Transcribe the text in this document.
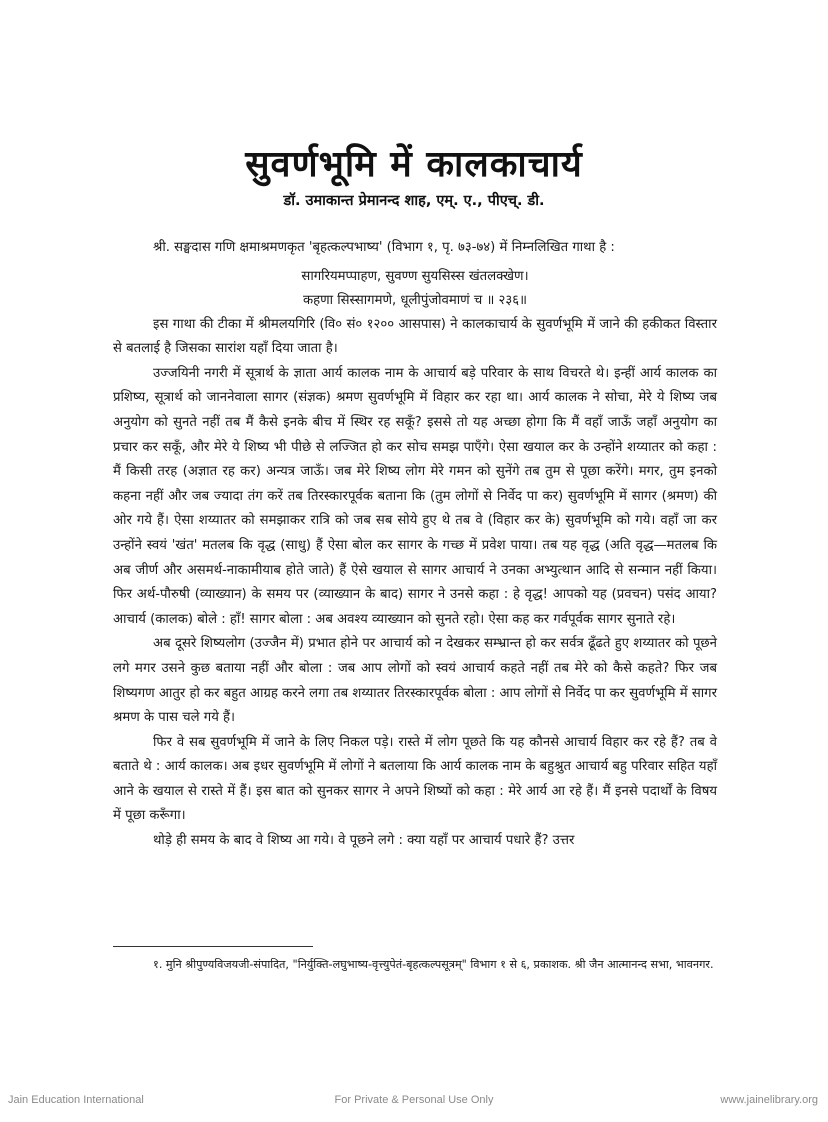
सुवर्णभूमि में कालकाचार्य
डॉ. उमाकान्त प्रेमानन्द शाह, एम्. ए., पीएच्. डी.

श्री. सङ्घदास गणि क्षमाश्रमणकृत 'बृहत्कल्पभाष्य' (विभाग १, पृ. ७३-७४) में निम्नलिखित गाथा है :

सागरियमप्पाहण, सुवण्ण सुयसिस्स खंतलक्खेण।
कहणा सिस्सागमणे, धूलीपुंजोवमाणं च ॥ २३६॥

इस गाथा की टीका में श्रीमलयगिरि (वि० सं० १२०० आसपास) ने कालकाचार्य के सुवर्णभूमि में जाने की हकीकत विस्तार से बतलाई है जिसका सारांश यहाँ दिया जाता है।

उज्जयिनी नगरी में सूत्रार्थ के ज्ञाता आर्य कालक नाम के आचार्य बड़े परिवार के साथ विचरते थे। इन्हीं आर्य कालक का प्रशिष्य, सूत्रार्थ को जाननेवाला सागर (संज्ञक) श्रमण सुवर्णभूमि में विहार कर रहा था। आर्य कालक ने सोचा, मेरे ये शिष्य जब अनुयोग को सुनते नहीं तब मैं कैसे इनके बीच में स्थिर रह सकूँ? इससे तो यह अच्छा होगा कि मैं वहाँ जाऊँ जहाँ अनुयोग का प्रचार कर सकूँ, और मेरे ये शिष्य भी पीछे से लज्जित हो कर सोच समझ पाएँगे। ऐसा खयाल कर के उन्होंने शय्यातर को कहा : मैं किसी तरह (अज्ञात रह कर) अन्यत्र जाऊँ। जब मेरे शिष्य लोग मेरे गमन को सुनेंगे तब तुम से पूछा करेंगे। मगर, तुम इनको कहना नहीं और जब ज्यादा तंग करें तब तिरस्कारपूर्वक बताना कि (तुम लोगों से निर्वेद पा कर) सुवर्णभूमि में सागर (श्रमण) की ओर गये हैं। ऐसा शय्यातर को समझाकर रात्रि को जब सब सोये हुए थे तब वे (विहार कर के) सुवर्णभूमि को गये। वहाँ जा कर उन्होंने स्वयं 'खंत' मतलब कि वृद्ध (साधु) हैं ऐसा बोल कर सागर के गच्छ में प्रवेश पाया। तब यह वृद्ध (अति वृद्ध—मतलब कि अब जीर्ण और असमर्थ-नाकामीयाब होते जाते) हैं ऐसे खयाल से सागर आचार्य ने उनका अभ्युत्थान आदि से सन्मान नहीं किया। फिर अर्थ-पौरुषी (व्याख्यान) के समय पर (व्याख्यान के बाद) सागर ने उनसे कहा : हे वृद्ध! आपको यह (प्रवचन) पसंद आया? आचार्य (कालक) बोले : हाँ! सागर बोला : अब अवश्य व्याख्यान को सुनते रहो। ऐसा कह कर गर्वपूर्वक सागर सुनाते रहे।

अब दूसरे शिष्यलोग (उज्जैन में) प्रभात होने पर आचार्य को न देखकर सम्भ्रान्त हो कर सर्वत्र ढूँढते हुए शय्यातर को पूछने लगे मगर उसने कुछ बताया नहीं और बोला : जब आप लोगों को स्वयं आचार्य कहते नहीं तब मेरे को कैसे कहते? फिर जब शिष्यगण आतुर हो कर बहुत आग्रह करने लगा तब शय्यातर तिरस्कारपूर्वक बोला : आप लोगों से निर्वेद पा कर सुवर्णभूमि में सागर श्रमण के पास चले गये हैं।

फिर वे सब सुवर्णभूमि में जाने के लिए निकल पड़े। रास्ते में लोग पूछते कि यह कौनसे आचार्य विहार कर रहे हैं? तब वे बताते थे : आर्य कालक। अब इधर सुवर्णभूमि में लोगों ने बतलाया कि आर्य कालक नाम के बहुश्रुत आचार्य बहु परिवार सहित यहाँ आने के खयाल से रास्ते में हैं। इस बात को सुनकर सागर ने अपने शिष्यों को कहा : मेरे आर्य आ रहे हैं। मैं इनसे पदार्थों के विषय में पूछा करूँगा।

थोड़े ही समय के बाद वे शिष्य आ गये। वे पूछने लगे : क्या यहाँ पर आचार्य पधारे हैं? उत्तर

१. मुनि श्रीपुण्यविजयजी-संपादित, "निर्युक्ति-लघुभाष्य-वृत्त्युपेतं-बृहत्कल्पसूत्रम्" विभाग १ से ६, प्रकाशक. श्री जैन आत्मानन्द सभा, भावनगर.

Jain Education International	For Private & Personal Use Only	www.jainelibrary.org
